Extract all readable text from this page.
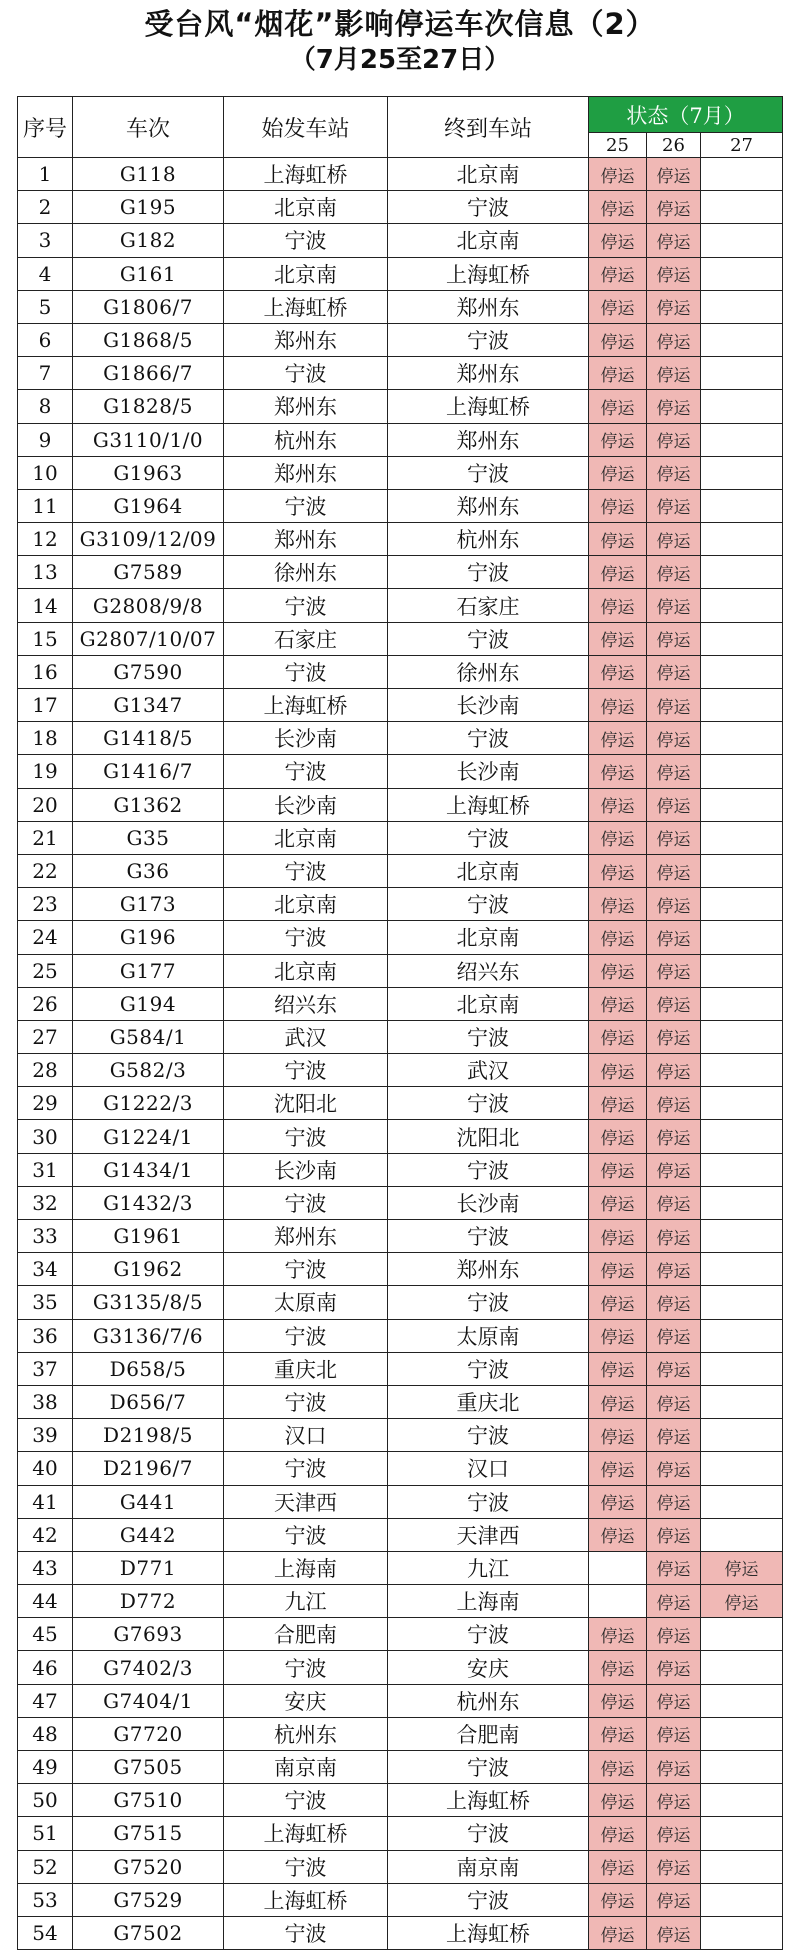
受台风“烟花”影响停运车次信息（2）
（7月25至27日）
序号	车次	始发车站	终到车站	状态（7月）		
				25	26	27
1	G118	上海虹桥	北京南	停运	停运	
2	G195	北京南	宁波	停运	停运	
3	G182	宁波	北京南	停运	停运	
4	G161	北京南	上海虹桥	停运	停运	
5	G1806/7	上海虹桥	郑州东	停运	停运	
6	G1868/5	郑州东	宁波	停运	停运	
7	G1866/7	宁波	郑州东	停运	停运	
8	G1828/5	郑州东	上海虹桥	停运	停运	
9	G3110/1/0	杭州东	郑州东	停运	停运	
10	G1963	郑州东	宁波	停运	停运	
11	G1964	宁波	郑州东	停运	停运	
12	G3109/12/09	郑州东	杭州东	停运	停运	
13	G7589	徐州东	宁波	停运	停运	
14	G2808/9/8	宁波	石家庄	停运	停运	
15	G2807/10/07	石家庄	宁波	停运	停运	
16	G7590	宁波	徐州东	停运	停运	
17	G1347	上海虹桥	长沙南	停运	停运	
18	G1418/5	长沙南	宁波	停运	停运	
19	G1416/7	宁波	长沙南	停运	停运	
20	G1362	长沙南	上海虹桥	停运	停运	
21	G35	北京南	宁波	停运	停运	
22	G36	宁波	北京南	停运	停运	
23	G173	北京南	宁波	停运	停运	
24	G196	宁波	北京南	停运	停运	
25	G177	北京南	绍兴东	停运	停运	
26	G194	绍兴东	北京南	停运	停运	
27	G584/1	武汉	宁波	停运	停运	
28	G582/3	宁波	武汉	停运	停运	
29	G1222/3	沈阳北	宁波	停运	停运	
30	G1224/1	宁波	沈阳北	停运	停运	
31	G1434/1	长沙南	宁波	停运	停运	
32	G1432/3	宁波	长沙南	停运	停运	
33	G1961	郑州东	宁波	停运	停运	
34	G1962	宁波	郑州东	停运	停运	
35	G3135/8/5	太原南	宁波	停运	停运	
36	G3136/7/6	宁波	太原南	停运	停运	
37	D658/5	重庆北	宁波	停运	停运	
38	D656/7	宁波	重庆北	停运	停运	
39	D2198/5	汉口	宁波	停运	停运	
40	D2196/7	宁波	汉口	停运	停运	
41	G441	天津西	宁波	停运	停运	
42	G442	宁波	天津西	停运	停运	
43	D771	上海南	九江		停运	停运
44	D772	九江	上海南		停运	停运
45	G7693	合肥南	宁波	停运	停运	
46	G7402/3	宁波	安庆	停运	停运	
47	G7404/1	安庆	杭州东	停运	停运	
48	G7720	杭州东	合肥南	停运	停运	
49	G7505	南京南	宁波	停运	停运	
50	G7510	宁波	上海虹桥	停运	停运	
51	G7515	上海虹桥	宁波	停运	停运	
52	G7520	宁波	南京南	停运	停运	
53	G7529	上海虹桥	宁波	停运	停运	
54	G7502	宁波	上海虹桥	停运	停运	
